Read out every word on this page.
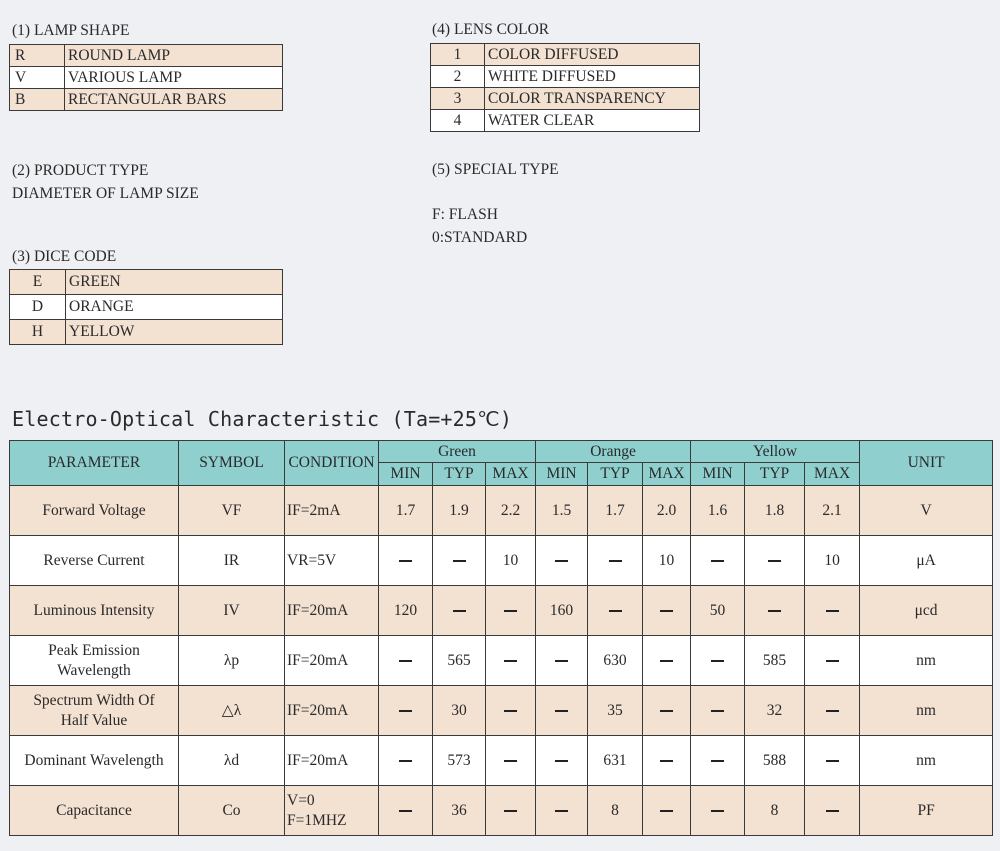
(1) LAMP SHAPE
R	ROUND LAMP
V	VARIOUS LAMP
B	RECTANGULAR BARS
(4) LENS COLOR
1	COLOR DIFFUSED
2	WHITE DIFFUSED
3	COLOR TRANSPARENCY
4	WATER CLEAR
(2) PRODUCT TYPE
DIAMETER OF LAMP SIZE
(5) SPECIAL TYPE
F: FLASH
0:STANDARD
(3) DICE CODE
E	GREEN
D	ORANGE
H	YELLOW
Electro-Optical Characteristic (Ta=+25℃)
PARAMETER	SYMBOL	CONDITION	Green			Orange			Yellow			UNIT
			MIN	TYP	MAX	MIN	TYP	MAX	MIN	TYP	MAX	

Forward Voltage	VF	IF=2mA	1.7	1.9	2.2	1.5	1.7	2.0	1.6	1.8	2.1	V

Reverse Current	IR	VR=5V			10			10			10	μA

Luminous Intensity	IV	IF=20mA	120			160			50			μcd

Peak Emission
Wavelength	λp	IF=20mA		565			630			585		nm

Spectrum Width Of
Half Value	△λ	IF=20mA		30			35			32		nm

Dominant Wavelength	λd	IF=20mA		573			631			588		nm

Capacitance	Co	V=0
F=1MHZ		36			8			8		PF
